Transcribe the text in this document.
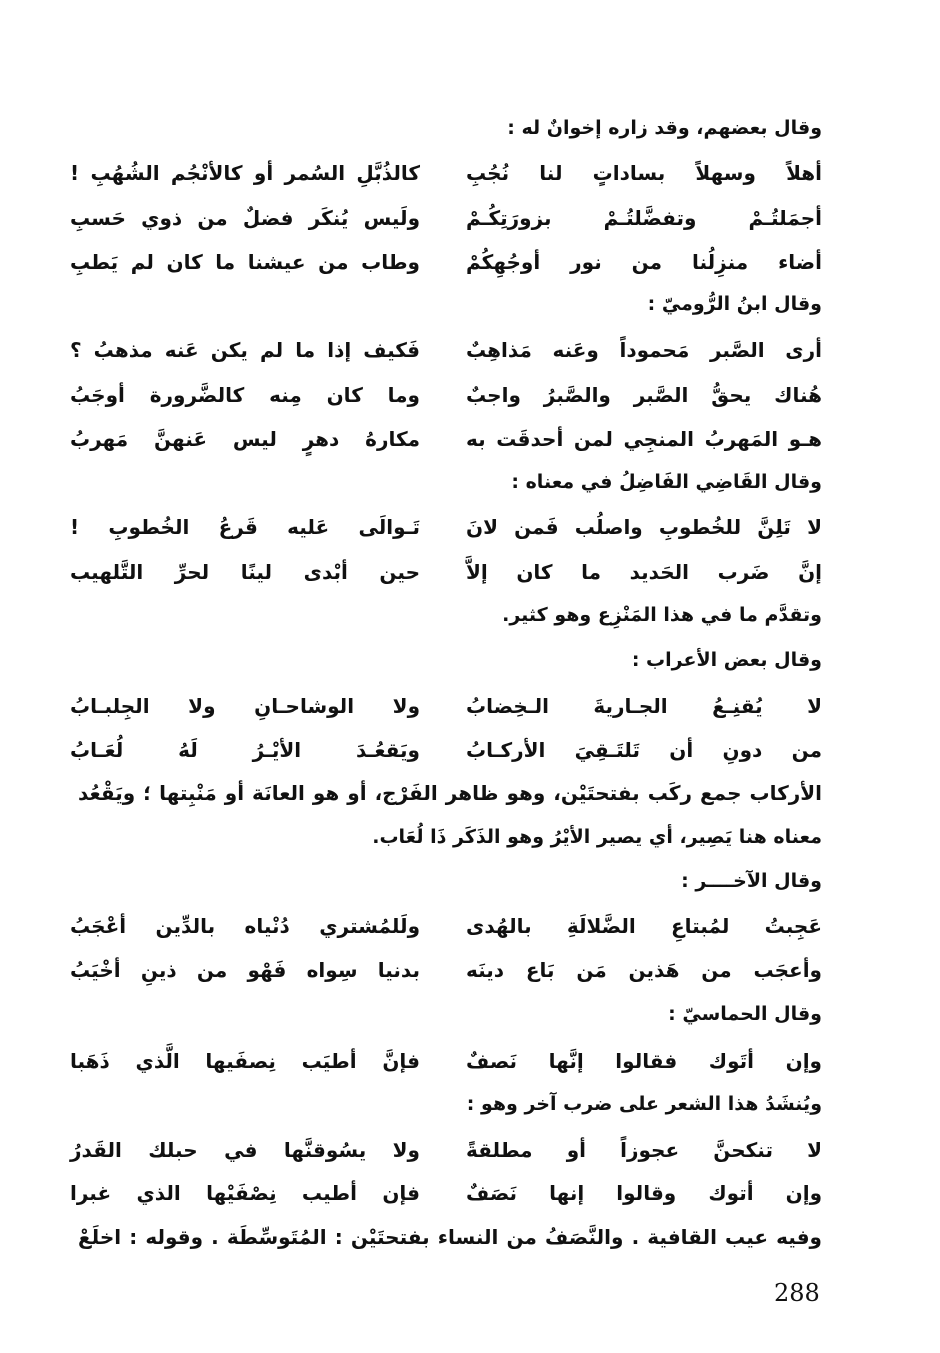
وقال بعضهم، وقد زاره إخوانٌ له :
أهلاً وسهلاً بساداتٍ لنا نُجُبِ
كالذُبَّلِ السُمر أو كالأنْجُم الشُهُبِ !
أجمَلتُـمْ وتفضَّلتُـمْ بزورَتِكُـمْ
ولَيس يُنكَر فضلٌ من ذوي حَسبِ
أضاء منزِلُنا من نور أوجُهِكُمْ
وطاب من عيشنا ما كان لم يَطبِ
وقال ابنُ الرُّوميّ :
أرى الصَّبر مَحموداً وعَنه مَذاهِبٌ
فَكيف إذا ما لم يكن عَنه مذهبُ ؟
هُناك يحقُّ الصَّبر والصَّبرُ واجبٌ
وما كان مِنه كالضَّرورة أوجَبُ
هـو المَهربُ المنجِي لمن أحدقَت به
مكارهُ دهرٍ ليس عَنهنَّ مَهربُ
وقال القَاضِي الفَاضِلُ في معناه :
لا تَلِنَّ للخُطوبِ واصلُب فَمن لانَ
تَـوالَى عَليه قَرعُ الخُطوبِ !
إنَّ ضَرب الحَديد ما كان إلاَّ
حين أبْدى لينًا لحرِّ التَّلهيب
وتقدَّم ما في هذا المَنْزِع وهو كثير.
وقال بعض الأعراب :
لا يُقنِـعُ الجـاريةَ الـخِضابُ
ولا الوشاحـانِ ولا الجِلبـابُ
من دونِ أن تَلتَـقِيَ الأركـابُ
ويَقعُـدَ الأيْـرُ لَهُ لُعَـابُ
الأركاب جمع ركَب بفتحتَيْن، وهو ظاهر الفَرْج، أو هو العانَة أو مَنْبِتها ؛ ويَقْعُد
معناه هنا يَصِير، أي يصير الأيْرُ وهو الذَكَر ذَا لُعَاب.
وقال الآخــــر :
عَجِبتُ لمُبتاعِ الضَّلالَةِ بالهُدى
ولَلمُشتري دُنْياه بالدِّين أعْجَبُ
وأعجَب من هَذين مَن بَاع دينَه
بدنيا سِواه فَهْو من ذينِ أخْيَبُ
وقال الحماسيّ :
وإن أتَوك فقالوا إنَّها نَصفٌ
فإنَّ أطيَب نِصفَيها الَّذي ذَهَبا
ويُنشَدُ هذا الشعر على ضرب آخر وهو :
لا تنكحنَّ عجوزاً أو مطلقةً
ولا يسُوقنَّها في حبلك القَدرُ
وإن أتوك وقالوا إنها نَصَفٌ
فإن أطيب نِصْفَيْها الذي غبرا
وفيه عيب القافية . والنَّصَفُ من النساء بفتحتَيْن : المُتَوسِّطَة . وقوله : اخلَعْ
288
